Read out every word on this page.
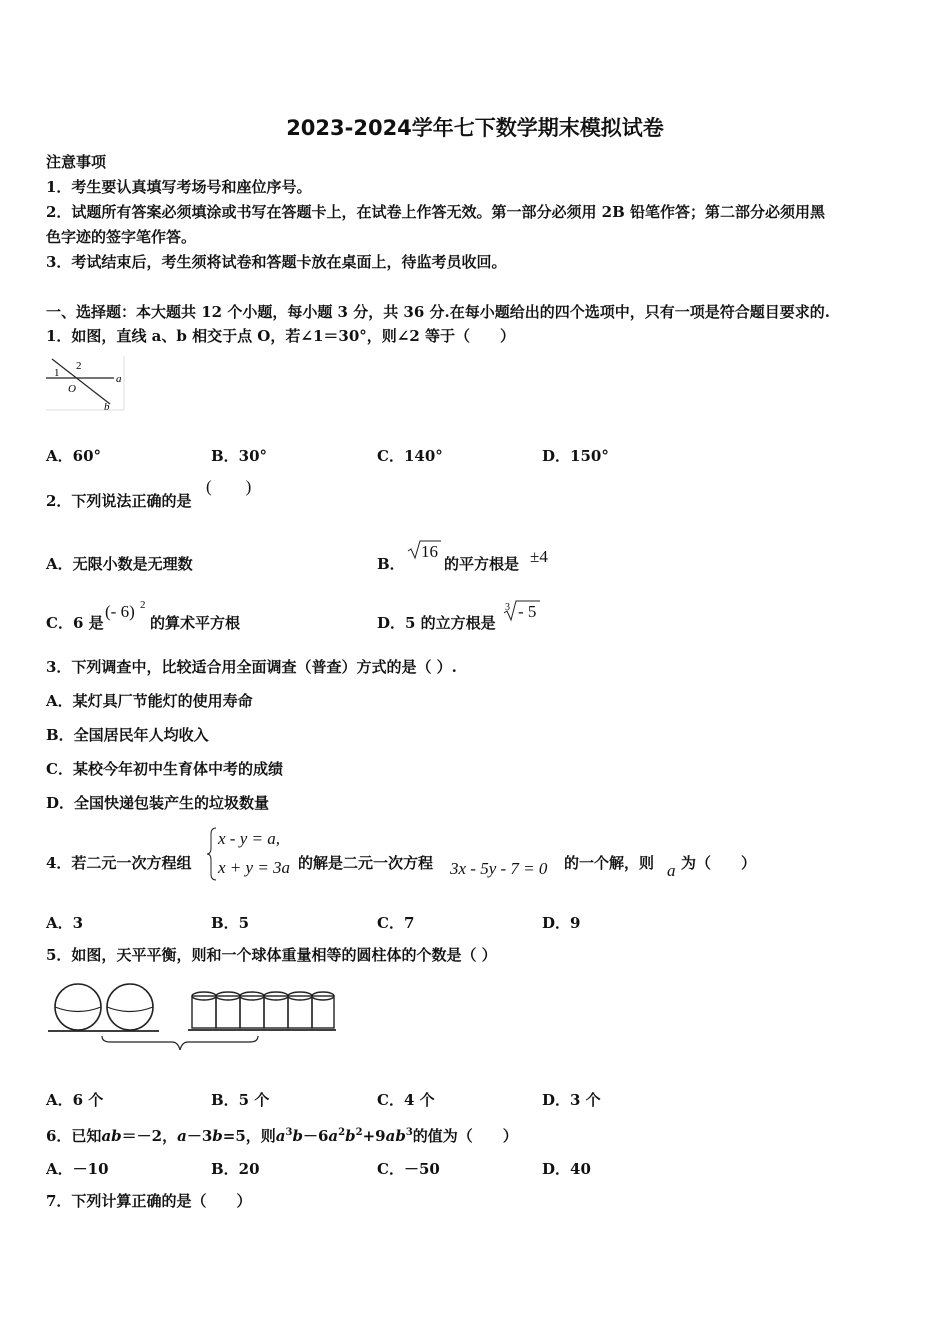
2023-2024学年七下数学期末模拟试卷
注意事项
1．考生要认真填写考场号和座位序号。
2．试题所有答案必须填涂或书写在答题卡上，在试卷上作答无效。第一部分必须用 2B 铅笔作答；第二部分必须用黑
色字迹的签字笔作答。
3．考试结束后，考生须将试卷和答题卡放在桌面上，待监考员收回。
一、选择题：本大题共 12 个小题，每小题 3 分，共 36 分.在每小题给出的四个选项中，只有一项是符合题目要求的.
1．如图，直线 a、b 相交于点 O，若∠1＝30°，则∠2 等于（　　）
1
2
O
a
b
A．60°	B．30°	C．140°	D．150°
2．下列说法正确的是
(　　)
A．无限小数是无理数	B．
16
的平方根是 ±4
C．6 是
(- 6) 2
的算术平方根	D．5 的立方根是
3 - 5
3．下列调查中，比较适合用全面调查（普查）方式的是（ ）.
A．某灯具厂节能灯的使用寿命
B．全国居民年人均收入
C．某校今年初中生育体中考的成绩
D．全国快递包装产生的垃圾数量
4．若二元一次方程组
x - y = a,
x + y = 3a 的解是二元一次方程 3x - 5y - 7 = 0 的一个解，则 a 为（　　）
A．3	B．5	C．7	D．9
5．如图，天平平衡，则和一个球体重量相等的圆柱体的个数是（ ）
A．6 个	B．5 个	C．4 个	D．3 个
6．已知ab＝－2，a－3b=5，则$a^3b-6a^2b^2+9ab^3$的值为（　　）
A．－10	B．20	C．－50	D．40
7．下列计算正确的是（　　）
